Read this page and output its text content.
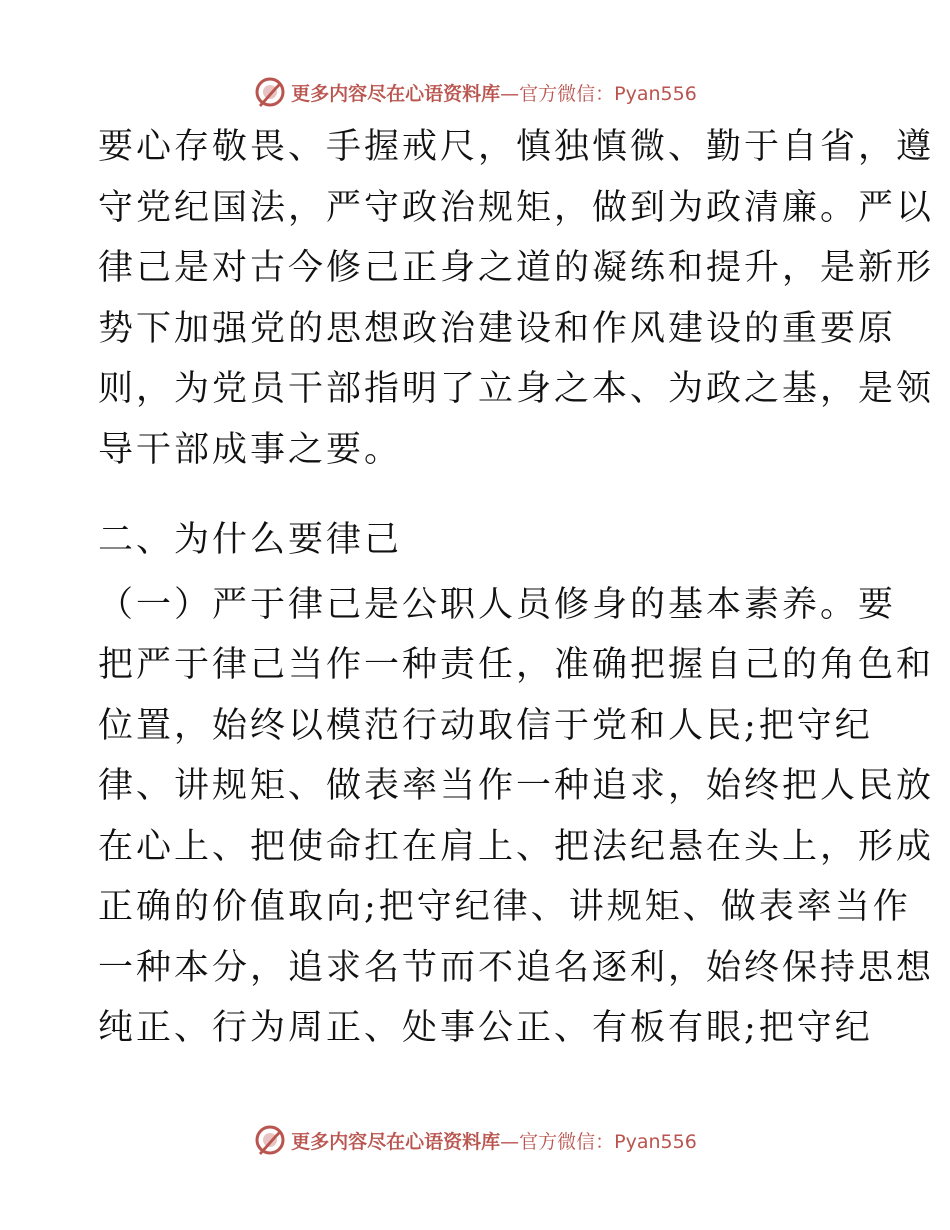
更多内容尽在心语资料库 —官方微信：Pyan556

要心存敬畏、手握戒尺，慎独慎微、勤于自省，遵
守党纪国法，严守政治规矩，做到为政清廉。严以
律己是对古今修己正身之道的凝练和提升，是新形
势下加强党的思想政治建设和作风建设的重要原
则，为党员干部指明了立身之本、为政之基，是领
导干部成事之要。

二、为什么要律己

（一）严于律己是公职人员修身的基本素养。要
把严于律己当作一种责任，准确把握自己的角色和
位置，始终以模范行动取信于党和人民;把守纪
律、讲规矩、做表率当作一种追求，始终把人民放
在心上、把使命扛在肩上、把法纪悬在头上，形成
正确的价值取向;把守纪律、讲规矩、做表率当作
一种本分，追求名节而不追名逐利，始终保持思想
纯正、行为周正、处事公正、有板有眼;把守纪

更多内容尽在心语资料库 —官方微信：Pyan556
